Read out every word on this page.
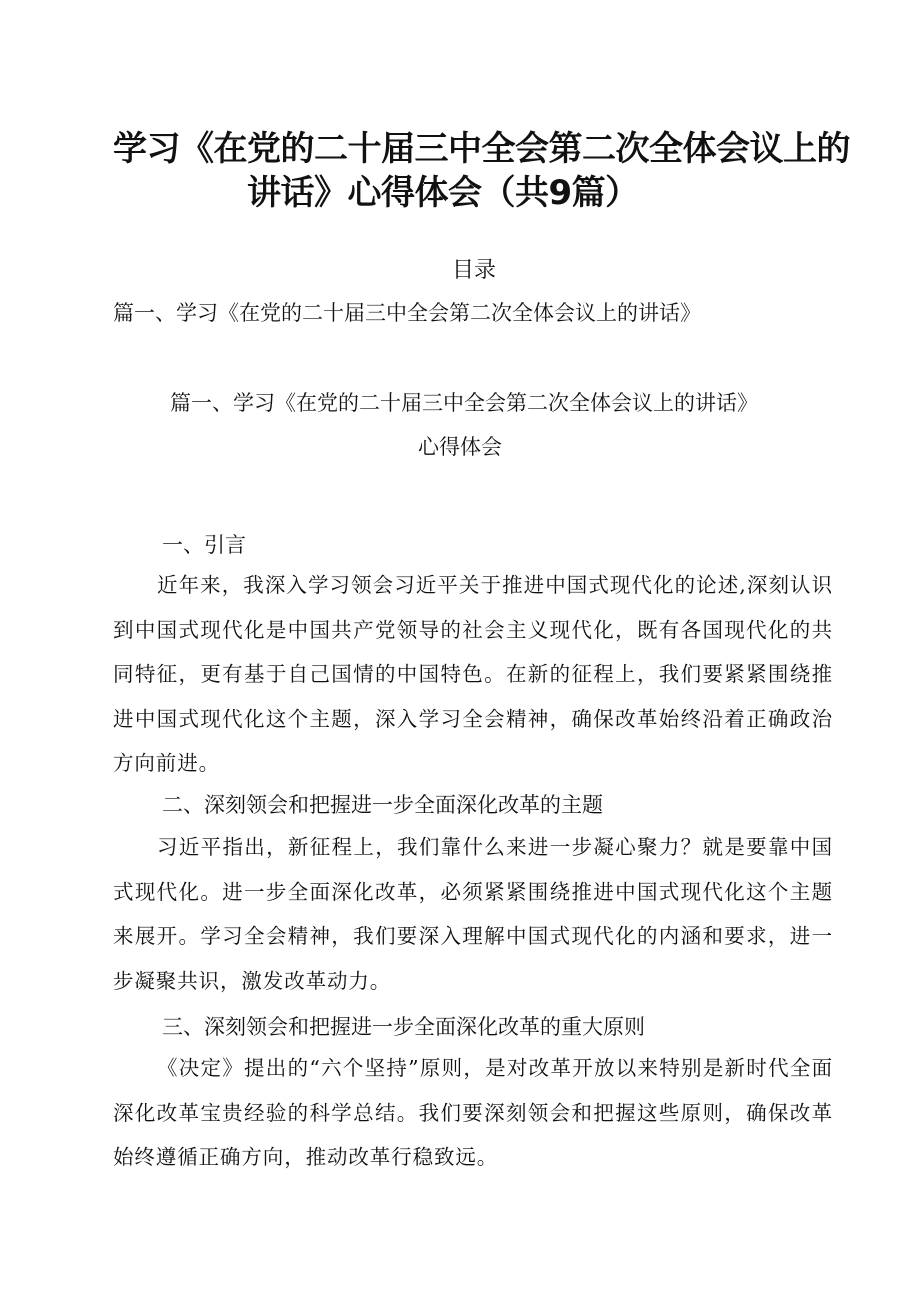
学习《在党的二十届三中全会第二次全体会议上的
讲话》心得体会（共9篇）
目录
篇一、学习《在党的二十届三中全会第二次全体会议上的讲话》
篇一、学习《在党的二十届三中全会第二次全体会议上的讲话》
心得体会
一、引言

近年来，我深入学习领会习近平关于推进中国式现代化的论述,深刻认识到中国式现代化是中国共产党领导的社会主义现代化，既有各国现代化的共同特征，更有基于自己国情的中国特色。在新的征程上，我们要紧紧围绕推进中国式现代化这个主题，深入学习全会精神，确保改革始终沿着正确政治方向前进。

二、深刻领会和把握进一步全面深化改革的主题

习近平指出，新征程上，我们靠什么来进一步凝心聚力？就是要靠中国式现代化。进一步全面深化改革，必须紧紧围绕推进中国式现代化这个主题来展开。学习全会精神，我们要深入理解中国式现代化的内涵和要求，进一步凝聚共识，激发改革动力。

三、深刻领会和把握进一步全面深化改革的重大原则

《决定》提出的“六个坚持”原则，是对改革开放以来特别是新时代全面深化改革宝贵经验的科学总结。我们要深刻领会和把握这些原则，确保改革始终遵循正确方向，推动改革行稳致远。
